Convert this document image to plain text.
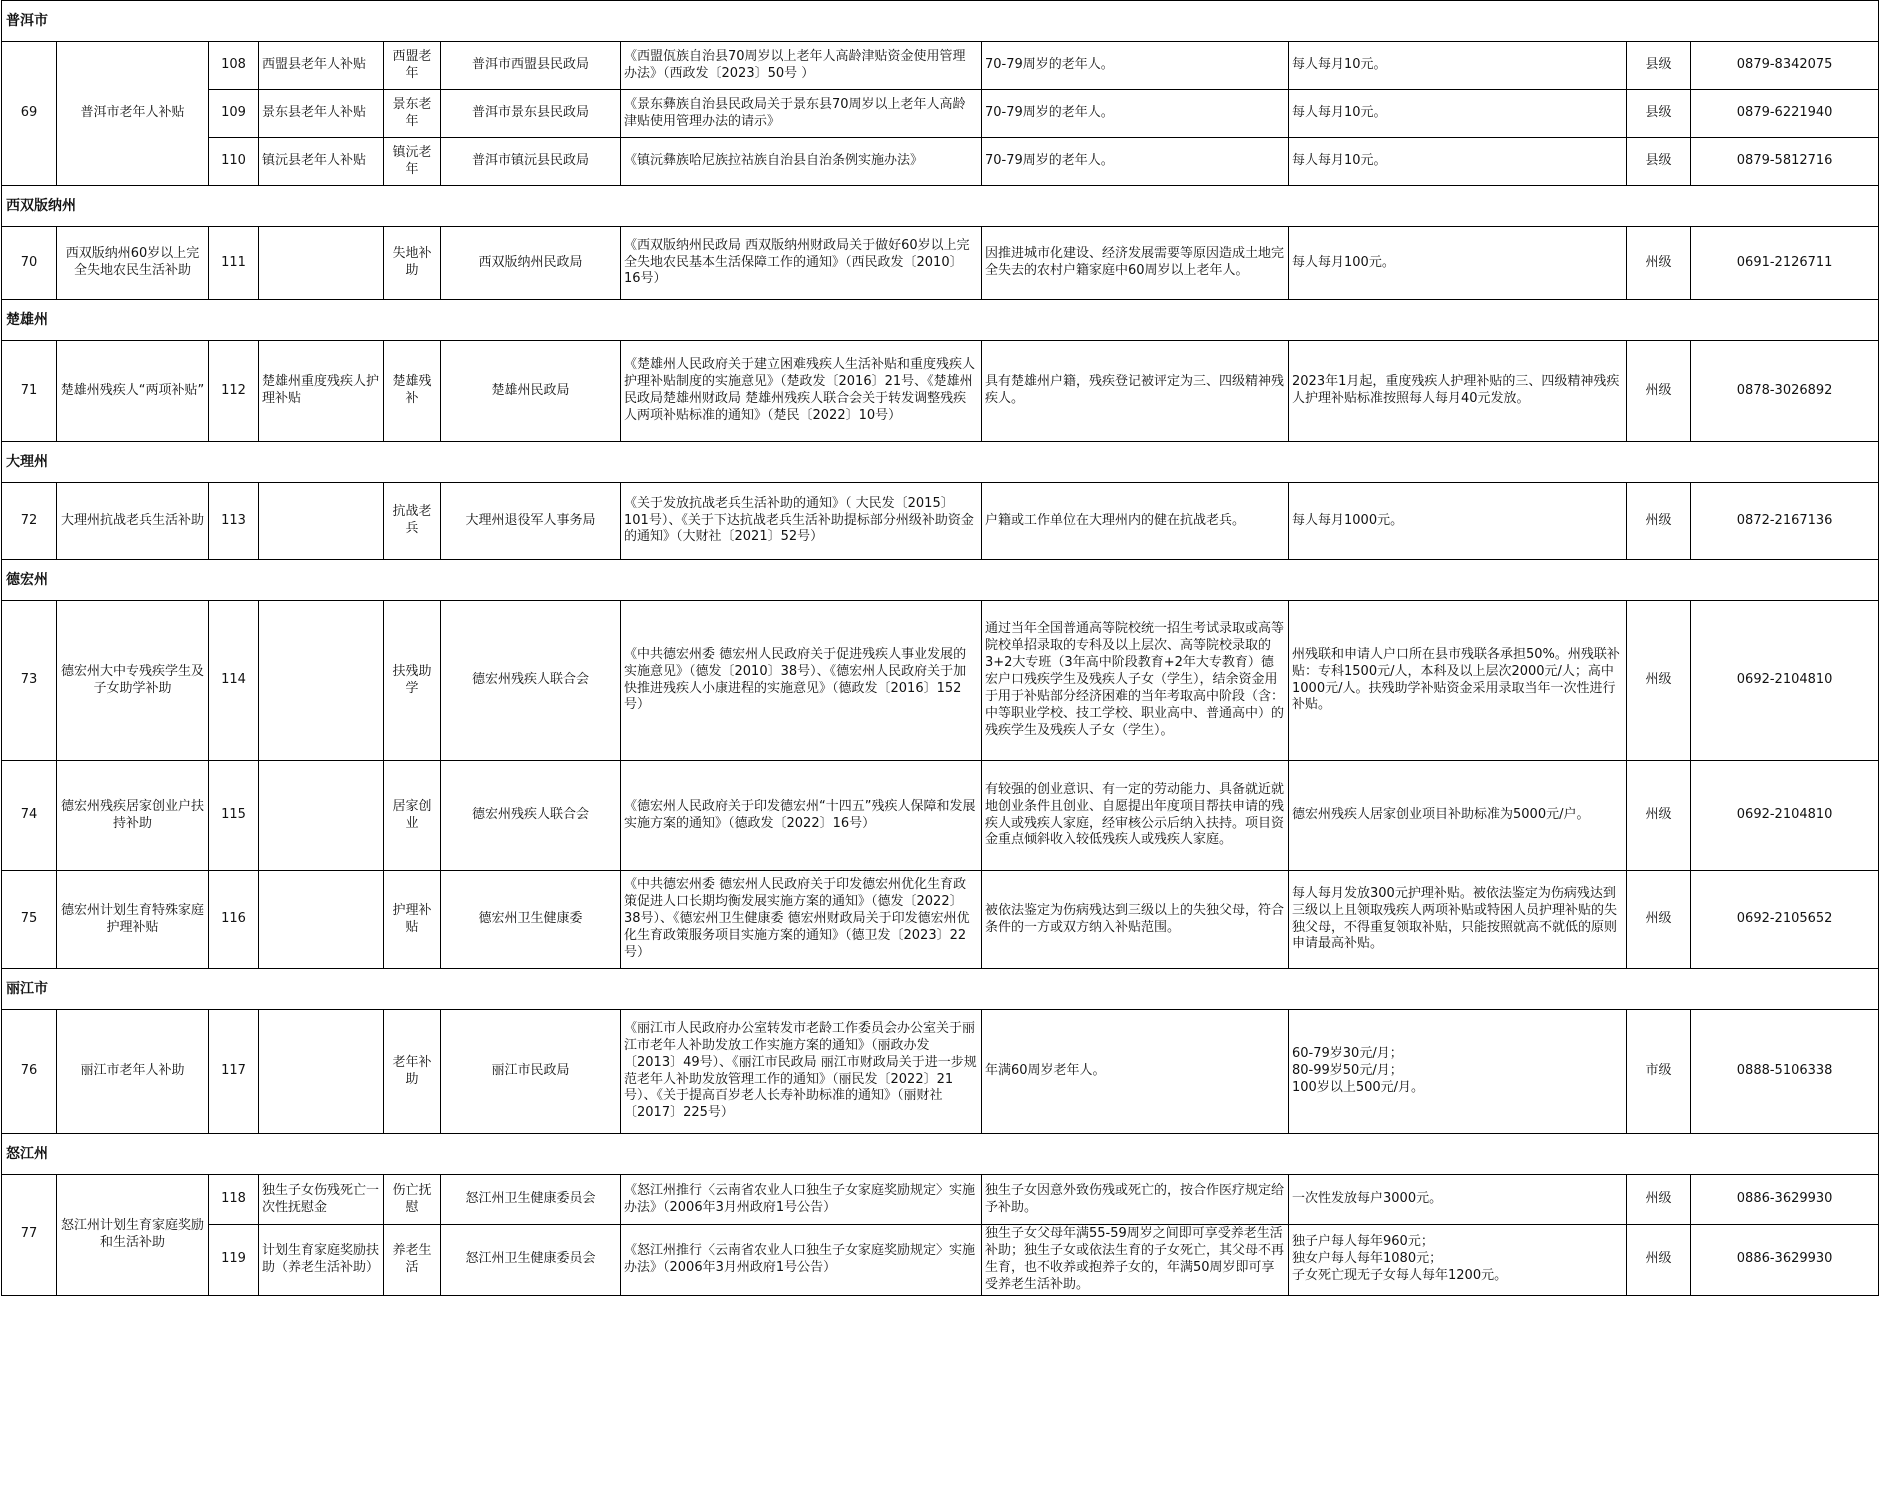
普洱市										
69	普洱市老年人补贴	108	西盟县老年人补贴	西盟老年	普洱市西盟县民政局	《西盟佤族自治县70周岁以上老年人高龄津贴资金使用管理办法》（西政发〔2023〕50号 ）	70-79周岁的老年人。	每人每月10元。	县级	0879-8342075
		109	景东县老年人补贴	景东老年	普洱市景东县民政局	《景东彝族自治县民政局关于景东县70周岁以上老年人高龄津贴使用管理办法的请示》	70-79周岁的老年人。	每人每月10元。	县级	0879-6221940
		110	镇沅县老年人补贴	镇沅老年	普洱市镇沅县民政局	《镇沅彝族哈尼族拉祜族自治县自治条例实施办法》	70-79周岁的老年人。	每人每月10元。	县级	0879-5812716
西双版纳州										
70	西双版纳州60岁以上完全失地农民生活补助	111		失地补助	西双版纳州民政局	《西双版纳州民政局 西双版纳州财政局关于做好60岁以上完全失地农民基本生活保障工作的通知》（西民政发〔2010〕16号）	因推进城市化建设、经济发展需要等原因造成土地完全失去的农村户籍家庭中60周岁以上老年人。	每人每月100元。	州级	0691-2126711
楚雄州										
71	楚雄州残疾人“两项补贴”	112	楚雄州重度残疾人护理补贴	楚雄残补	楚雄州民政局	《楚雄州人民政府关于建立困难残疾人生活补贴和重度残疾人护理补贴制度的实施意见》（楚政发〔2016〕21号、《楚雄州民政局楚雄州财政局 楚雄州残疾人联合会关于转发调整残疾人两项补贴标准的通知》（楚民〔2022〕10号）	具有楚雄州户籍，残疾登记被评定为三、四级精神残疾人。	2023年1月起，重度残疾人护理补贴的三、四级精神残疾人护理补贴标准按照每人每月40元发放。	州级	0878-3026892
大理州										
72	大理州抗战老兵生活补助	113		抗战老兵	大理州退役军人事务局	《关于发放抗战老兵生活补助的通知》（ 大民发〔2015〕101号）、《关于下达抗战老兵生活补助提标部分州级补助资金的通知》（大财社〔2021〕52号）	户籍或工作单位在大理州内的健在抗战老兵。	每人每月1000元。	州级	0872-2167136
德宏州										
73	德宏州大中专残疾学生及子女助学补助	114		扶残助学	德宏州残疾人联合会	《中共德宏州委 德宏州人民政府关于促进残疾人事业发展的实施意见》（德发〔2010〕38号）、《德宏州人民政府关于加快推进残疾人小康进程的实施意见》（德政发〔2016〕152号）	通过当年全国普通高等院校统一招生考试录取或高等院校单招录取的专科及以上层次、高等院校录取的3+2大专班（3年高中阶段教育+2年大专教育）德宏户口残疾学生及残疾人子女（学生），结余资金用于用于补贴部分经济困难的当年考取高中阶段（含：中等职业学校、技工学校、职业高中、普通高中）的残疾学生及残疾人子女（学生）。	州残联和申请人户口所在县市残联各承担50%。州残联补贴：专科1500元/人，本科及以上层次2000元/人；高中1000元/人。扶残助学补贴资金采用录取当年一次性进行补贴。	州级	0692-2104810
74	德宏州残疾居家创业户扶持补助	115		居家创业	德宏州残疾人联合会	《德宏州人民政府关于印发德宏州“十四五”残疾人保障和发展实施方案的通知》（德政发〔2022〕16号）	有较强的创业意识、有一定的劳动能力、具备就近就地创业条件且创业、自愿提出年度项目帮扶申请的残疾人或残疾人家庭，经审核公示后纳入扶持。项目资金重点倾斜收入较低残疾人或残疾人家庭。	德宏州残疾人居家创业项目补助标准为5000元/户。	州级	0692-2104810
75	德宏州计划生育特殊家庭护理补贴	116		护理补贴	德宏州卫生健康委	《中共德宏州委 德宏州人民政府关于印发德宏州优化生育政策促进人口长期均衡发展实施方案的通知》（德发〔2022〕38号）、《德宏州卫生健康委 德宏州财政局关于印发德宏州优化生育政策服务项目实施方案的通知》（德卫发〔2023〕22号）	被依法鉴定为伤病残达到三级以上的失独父母，符合条件的一方或双方纳入补贴范围。	每人每月发放300元护理补贴。被依法鉴定为伤病残达到三级以上且领取残疾人两项补贴或特困人员护理补贴的失独父母，不得重复领取补贴，只能按照就高不就低的原则申请最高补贴。	州级	0692-2105652
丽江市										
76	丽江市老年人补助	117		老年补助	丽江市民政局	《丽江市人民政府办公室转发市老龄工作委员会办公室关于丽江市老年人补助发放工作实施方案的通知》（丽政办发〔2013〕49号）、《丽江市民政局 丽江市财政局关于进一步规范老年人补助发放管理工作的通知》（丽民发〔2022〕21号）、《关于提高百岁老人长寿补助标准的通知》（丽财社〔2017〕225号）	年满60周岁老年人。	60-79岁30元/月；
80-99岁50元/月；
100岁以上500元/月。	市级	0888-5106338
怒江州										
77	怒江州计划生育家庭奖励和生活补助	118	独生子女伤残死亡一次性抚慰金	伤亡抚慰	怒江州卫生健康委员会	《怒江州推行〈云南省农业人口独生子女家庭奖励规定〉实施办法》（2006年3月州政府1号公告）	独生子女因意外致伤残或死亡的，按合作医疗规定给予补助。	一次性发放每户3000元。	州级	0886-3629930
		119	计划生育家庭奖励扶助（养老生活补助）	养老生活	怒江州卫生健康委员会	《怒江州推行〈云南省农业人口独生子女家庭奖励规定〉实施办法》（2006年3月州政府1号公告）	独生子女父母年满55-59周岁之间即可享受养老生活补助；独生子女或依法生育的子女死亡，其父母不再生育，也不收养或抱养子女的，年满50周岁即可享受养老生活补助。	独子户每人每年960元；
独女户每人每年1080元；
子女死亡现无子女每人每年1200元。	州级	0886-3629930
